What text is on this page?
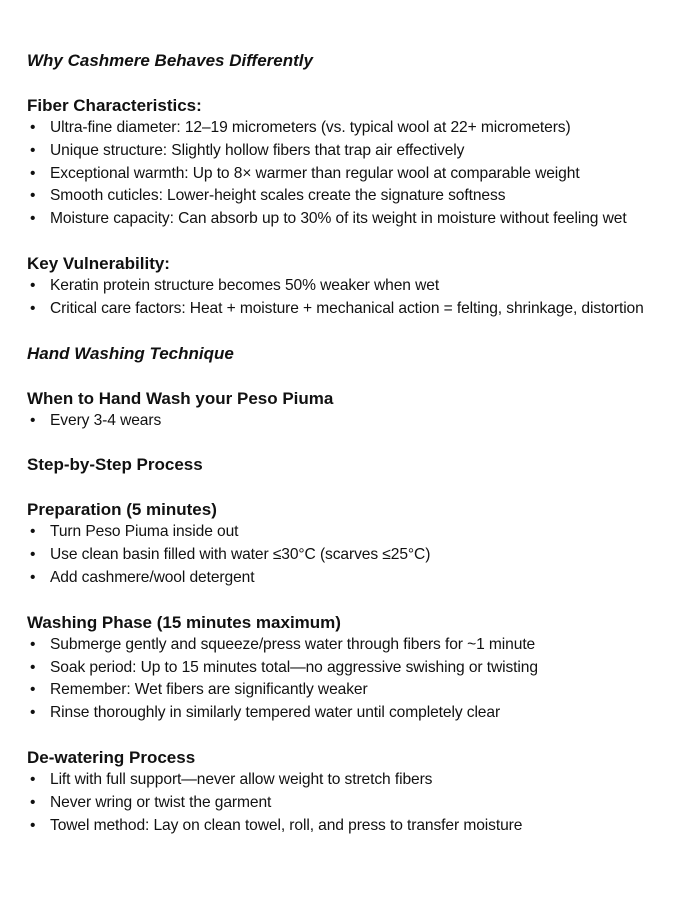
Why Cashmere Behaves Differently
Fiber Characteristics:
• Ultra-fine diameter: 12–19 micrometers (vs. typical wool at 22+ micrometers)
• Unique structure: Slightly hollow fibers that trap air effectively
• Exceptional warmth: Up to 8× warmer than regular wool at comparable weight
• Smooth cuticles: Lower-height scales create the signature softness
• Moisture capacity: Can absorb up to 30% of its weight in moisture without feeling wet
Key Vulnerability:
• Keratin protein structure becomes 50% weaker when wet
• Critical care factors: Heat + moisture + mechanical action = felting, shrinkage, distortion
Hand Washing Technique
When to Hand Wash your Peso Piuma
• Every 3-4 wears
Step-by-Step Process
Preparation (5 minutes)
• Turn Peso Piuma inside out
• Use clean basin filled with water ≤30°C (scarves ≤25°C)
• Add cashmere/wool detergent
Washing Phase (15 minutes maximum)
• Submerge gently and squeeze/press water through fibers for ~1 minute
• Soak period: Up to 15 minutes total—no aggressive swishing or twisting
• Remember: Wet fibers are significantly weaker
• Rinse thoroughly in similarly tempered water until completely clear
De-watering Process
• Lift with full support—never allow weight to stretch fibers
• Never wring or twist the garment
• Towel method: Lay on clean towel, roll, and press to transfer moisture
